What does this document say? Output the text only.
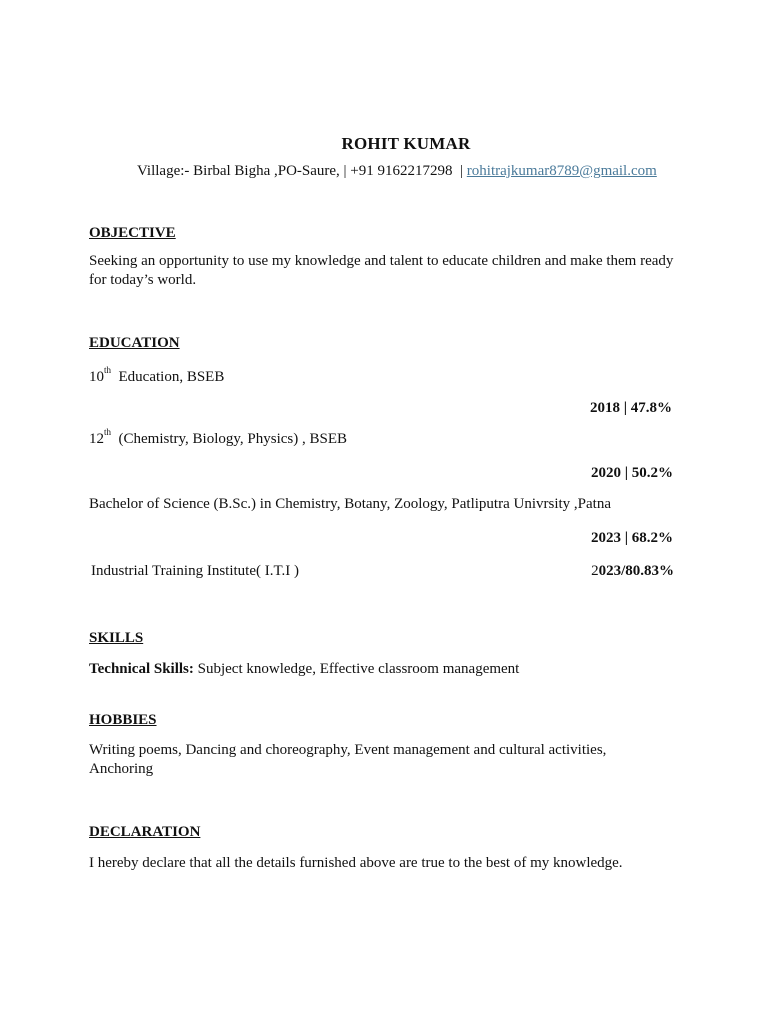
ROHIT KUMAR
Village:- Birbal Bigha ,PO-Saure, | +91 9162217298  | rohitrajkumar8789@gmail.com
OBJECTIVE
Seeking an opportunity to use my knowledge and talent to educate children and make them ready for today’s world.
EDUCATION
10th  Education, BSEB
2018 | 47.8%
12th  (Chemistry, Biology, Physics) , BSEB
2020 | 50.2%
Bachelor of Science (B.Sc.) in Chemistry, Botany, Zoology, Patliputra Univrsity ,Patna
2023 | 68.2%
Industrial Training Institute( I.T.I )	2023/80.83%
SKILLS
Technical Skills: Subject knowledge, Effective classroom management
HOBBIES
Writing poems, Dancing and choreography, Event management and cultural activities, Anchoring
DECLARATION
I hereby declare that all the details furnished above are true to the best of my knowledge.
